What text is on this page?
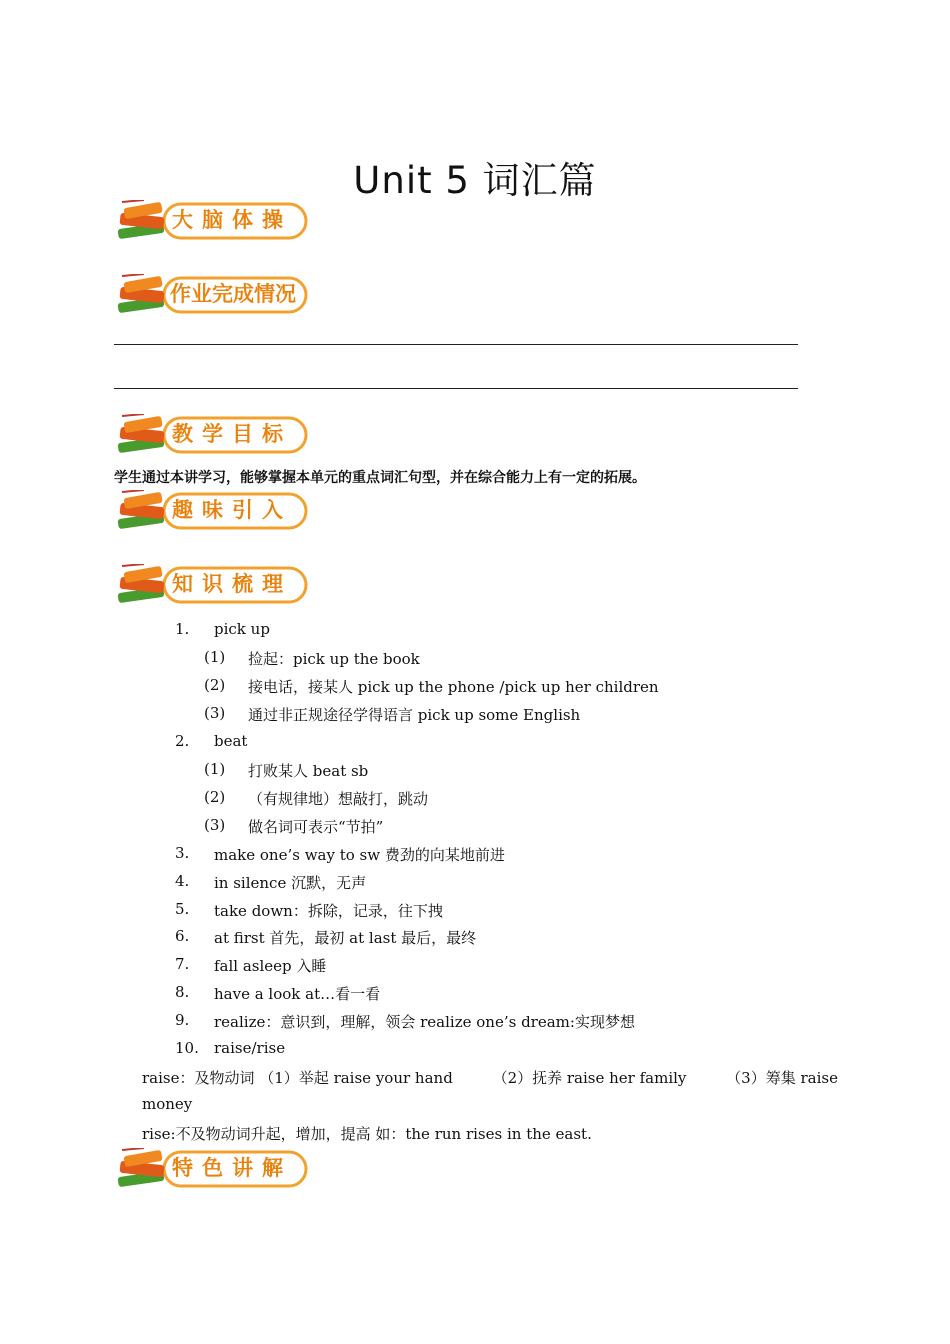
Unit 5 词汇篇
大脑体操
作业完成情况
教学目标
学生通过本讲学习，能够掌握本单元的重点词汇句型，并在综合能力上有一定的拓展。
趣味引入
知识梳理
1. pick up
(1) 捡起：pick up the book
(2) 接电话，接某人 pick up the phone /pick up her children
(3) 通过非正规途径学得语言 pick up some English
2. beat
(1) 打败某人 beat sb
(2) （有规律地）想敲打，跳动
(3) 做名词可表示“节拍”
3. make one’s way to sw 费劲的向某地前进
4. in silence 沉默，无声
5. take down：拆除，记录，往下拽
6. at first 首先，最初 at last 最后，最终
7. fall asleep 入睡
8. have a look at…看一看
9. realize：意识到，理解，领会 realize one’s dream:实现梦想
10. raise/rise
raise：及物动词 （1）举起 raise your hand	（2）抚养 raise her family	（3）筹集 raise
money
rise:不及物动词升起，增加，提高 如：the run rises in the east.
特色讲解
